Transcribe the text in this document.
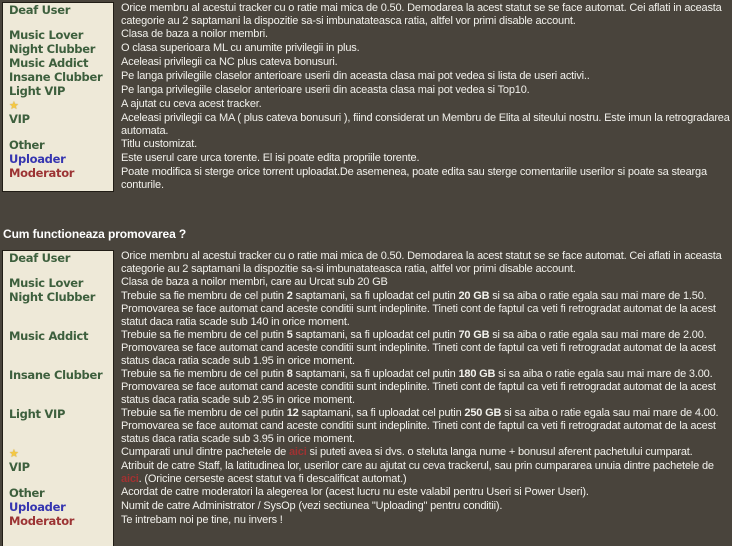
Deaf User	Orice membru al acestui tracker cu o ratie mai mica de 0.50. Demodarea la acest statut se se face automat. Cei aflati in aceasta categorie au 2 saptamani la dispozitie sa-si imbunatateasca ratia, altfel vor primi disable account.
Music Lover	Clasa de baza a noilor membri.
Night Clubber	O clasa superioara ML cu anumite privilegii in plus.
Music Addict	Aceleasi privilegii ca NC plus cateva bonusuri.
Insane Clubber	Pe langa privilegiile claselor anterioare userii din aceasta clasa mai pot vedea si lista de useri activi..
Light VIP	Pe langa privilegiile claselor anterioare userii din aceasta clasa mai pot vedea si Top10.
★	A ajutat cu ceva acest tracker.
VIP	Aceleasi privilegii ca MA ( plus cateva bonusuri ), fiind considerat un Membru de Elita al siteului nostru. Este imun la retrogradarea automata.
Other	Titlu customizat.
Uploader	Este userul care urca torente. El isi poate edita propriile torente.
Moderator	Poate modifica si sterge orice torrent uploadat.De asemenea, poate edita sau sterge comentariile userilor si poate sa stearga conturile.
Cum functioneaza promovarea ?
Deaf User	Orice membru al acestui tracker cu o ratie mai mica de 0.50. Demodarea la acest statut se se face automat. Cei aflati in aceasta categorie au 2 saptamani la dispozitie sa-si imbunatateasca ratia, altfel vor primi disable account.
Music Lover	Clasa de baza a noilor membri, care au Urcat sub 20 GB
Night Clubber	Trebuie sa fie membru de cel putin 2 saptamani, sa fi uploadat cel putin 20 GB si sa aiba o ratie egala sau mai mare de 1.50. Promovarea se face automat cand aceste conditii sunt indeplinite. Tineti cont de faptul ca veti fi retrogradat automat de la acest statut daca ratia scade sub 140 in orice moment.
Music Addict	Trebuie sa fie membru de cel putin 5 saptamani, sa fi uploadat cel putin 70 GB si sa aiba o ratie egala sau mai mare de 2.00. Promovarea se face automat cand aceste conditii sunt indeplinite. Tineti cont de faptul ca veti fi retrogradat automat de la acest status daca ratia scade sub 1.95 in orice moment.
Insane Clubber	Trebuie sa fie membru de cel putin 8 saptamani, sa fi uploadat cel putin 180 GB si sa aiba o ratie egala sau mai mare de 3.00. Promovarea se face automat cand aceste conditii sunt indeplinite. Tineti cont de faptul ca veti fi retrogradat automat de la acest status daca ratia scade sub 2.95 in orice moment.
Light VIP	Trebuie sa fie membru de cel putin 12 saptamani, sa fi uploadat cel putin 250 GB si sa aiba o ratie egala sau mai mare de 4.00. Promovarea se face automat cand aceste conditii sunt indeplinite. Tineti cont de faptul ca veti fi retrogradat automat de la acest status daca ratia scade sub 3.95 in orice moment.
★	Cumparati unul dintre pachetele de aici si puteti avea si dvs. o steluta langa nume + bonusul aferent pachetului cumparat.
VIP	Atribuit de catre Staff, la latitudinea lor, userilor care au ajutat cu ceva trackerul, sau prin cumpararea unuia dintre pachetele de aici. (Oricine cerseste acest statut va fi descalificat automat.)
Other	Acordat de catre moderatori la alegerea lor (acest lucru nu este valabil pentru Useri si Power Useri).
Uploader	Numit de catre Administrator / SysOp (vezi sectiunea "Uploading" pentru conditii).
Moderator	Te intrebam noi pe tine, nu invers !
